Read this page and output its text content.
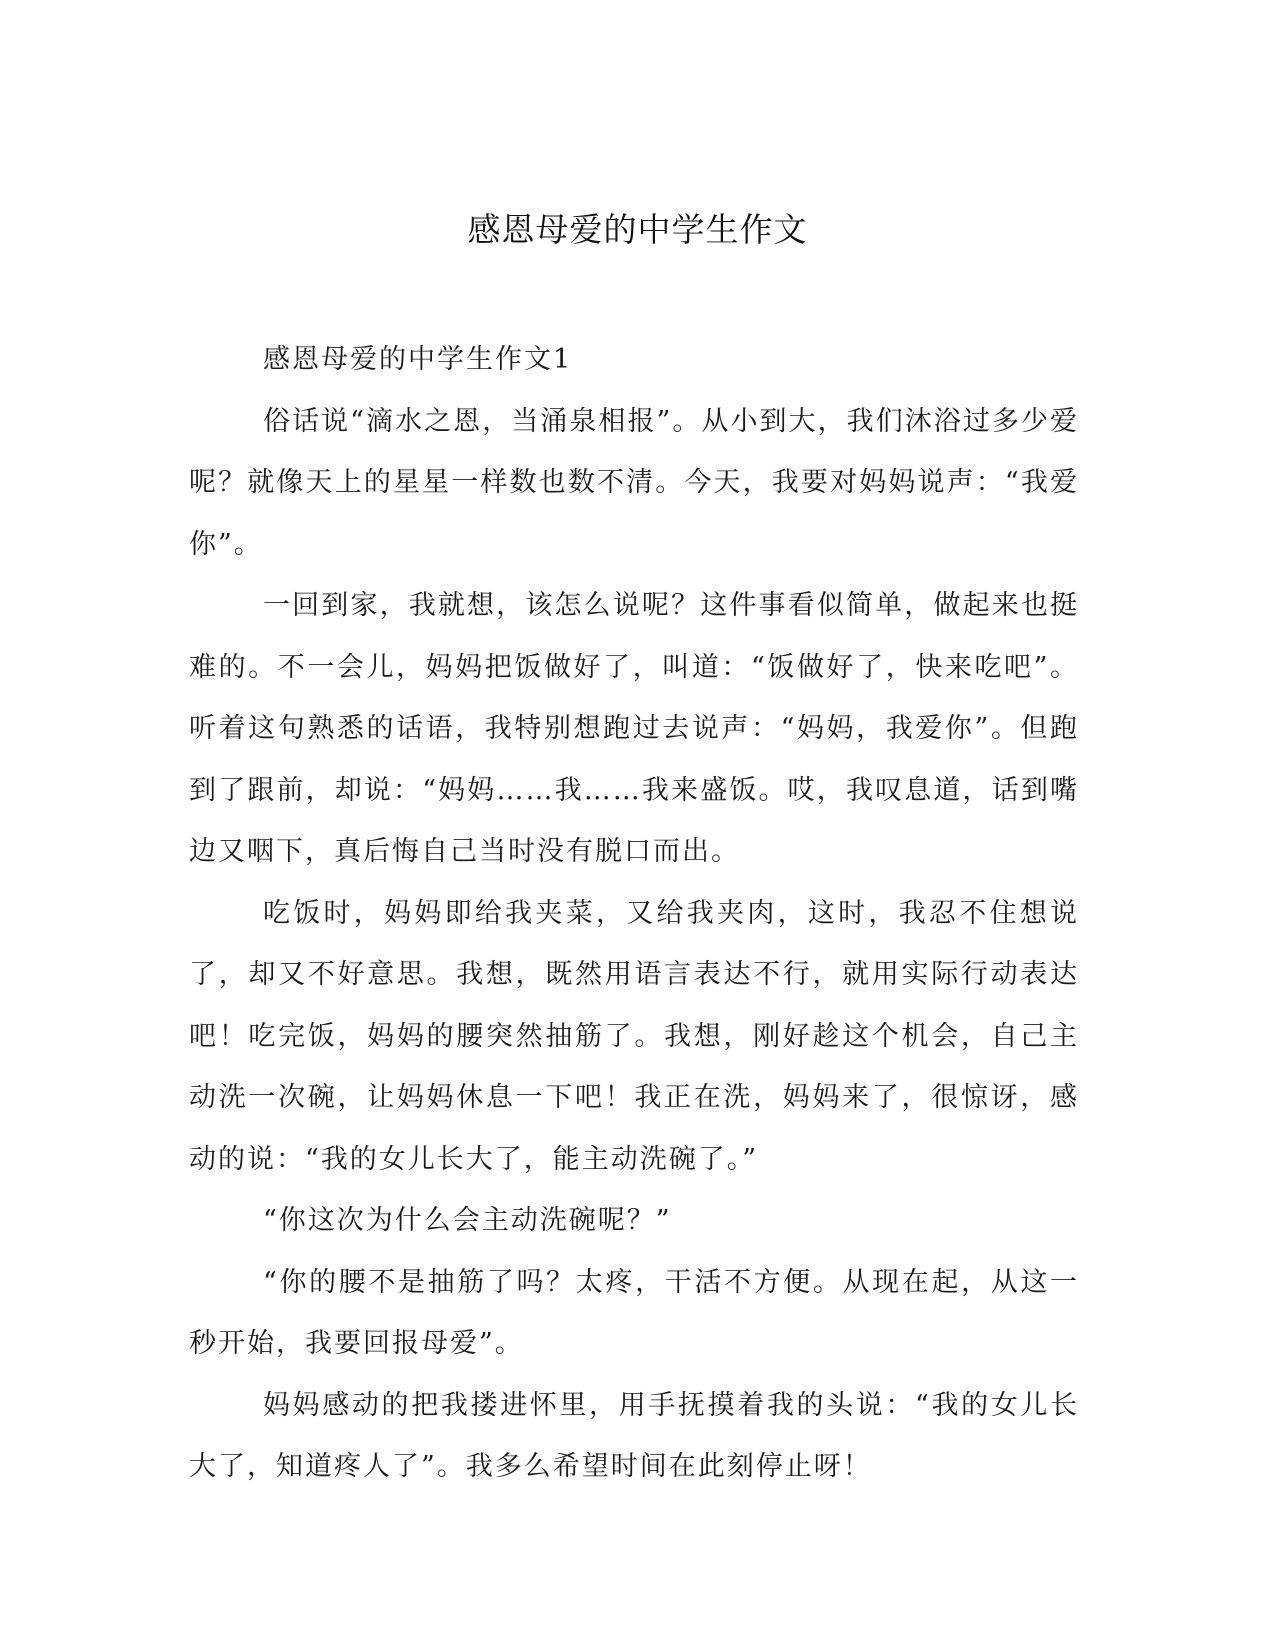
感恩母爱的中学生作文

感恩母爱的中学生作文1

俗话说“滴水之恩，当涌泉相报”。从小到大，我们沐浴过多少爱呢？就像天上的星星一样数也数不清。今天，我要对妈妈说声：“我爱你”。

一回到家，我就想，该怎么说呢？这件事看似简单，做起来也挺难的。不一会儿，妈妈把饭做好了，叫道：“饭做好了，快来吃吧”。听着这句熟悉的话语，我特别想跑过去说声：“妈妈，我爱你”。但跑到了跟前，却说：“妈妈……我……我来盛饭。哎，我叹息道，话到嘴边又咽下，真后悔自己当时没有脱口而出。

吃饭时，妈妈即给我夹菜，又给我夹肉，这时，我忍不住想说了，却又不好意思。我想，既然用语言表达不行，就用实际行动表达吧！吃完饭，妈妈的腰突然抽筋了。我想，刚好趁这个机会，自己主动洗一次碗，让妈妈休息一下吧！我正在洗，妈妈来了，很惊讶，感动的说：“我的女儿长大了，能主动洗碗了。”

“你这次为什么会主动洗碗呢？”

“你的腰不是抽筋了吗？太疼，干活不方便。从现在起，从这一秒开始，我要回报母爱”。

妈妈感动的把我搂进怀里，用手抚摸着我的头说：“我的女儿长大了，知道疼人了”。我多么希望时间在此刻停止呀！
